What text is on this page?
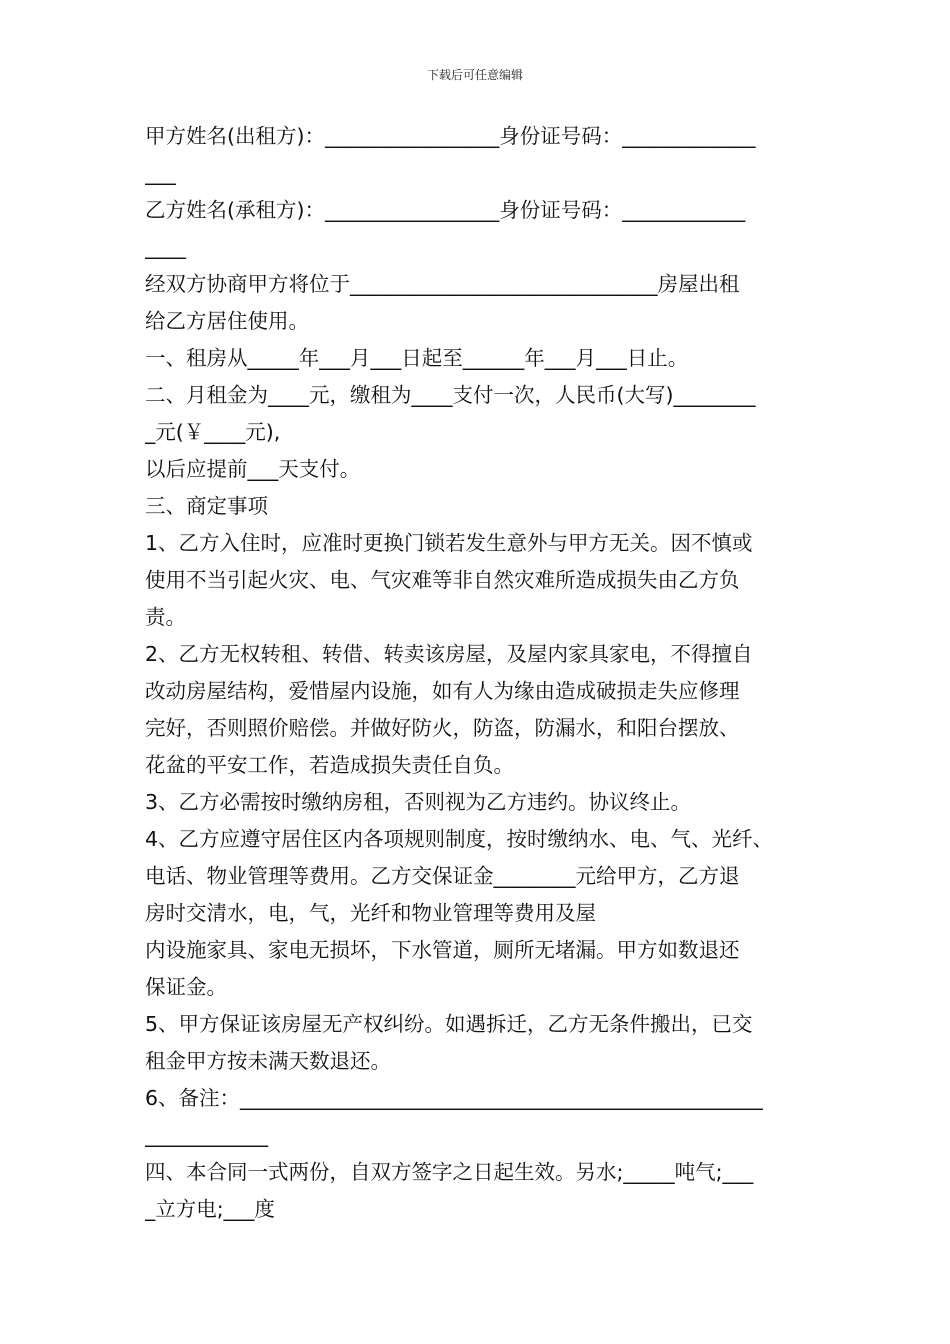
下载后可任意编辑
甲方姓名(出租方)：_________________身份证号码：_____________
___
乙方姓名(承租方)：_________________身份证号码：____________
____
经双方协商甲方将位于______________________________房屋出租
给乙方居住使用。
一、租房从_____年___月___日起至______年___月___日止。
二、月租金为____元，缴租为____支付一次，人民币(大写)________
_元(￥____元),
以后应提前___天支付。
三、商定事项
1、乙方入住时，应准时更换门锁若发生意外与甲方无关。因不慎或
使用不当引起火灾、电、气灾难等非自然灾难所造成损失由乙方负
责。
2、乙方无权转租、转借、转卖该房屋，及屋内家具家电，不得擅自
改动房屋结构，爱惜屋内设施，如有人为缘由造成破损走失应修理
完好，否则照价赔偿。并做好防火，防盗，防漏水，和阳台摆放、
花盆的平安工作，若造成损失责任自负。
3、乙方必需按时缴纳房租，否则视为乙方违约。协议终止。
4、乙方应遵守居住区内各项规则制度，按时缴纳水、电、气、光纤、
电话、物业管理等费用。乙方交保证金________元给甲方，乙方退
房时交清水，电，气，光纤和物业管理等费用及屋
内设施家具、家电无损坏，下水管道，厕所无堵漏。甲方如数退还
保证金。
5、甲方保证该房屋无产权纠纷。如遇拆迁，乙方无条件搬出，已交
租金甲方按未满天数退还。
6、备注：___________________________________________________
____________
四、本合同一式两份，自双方签字之日起生效。另水;_____吨气;___
_立方电;___度
